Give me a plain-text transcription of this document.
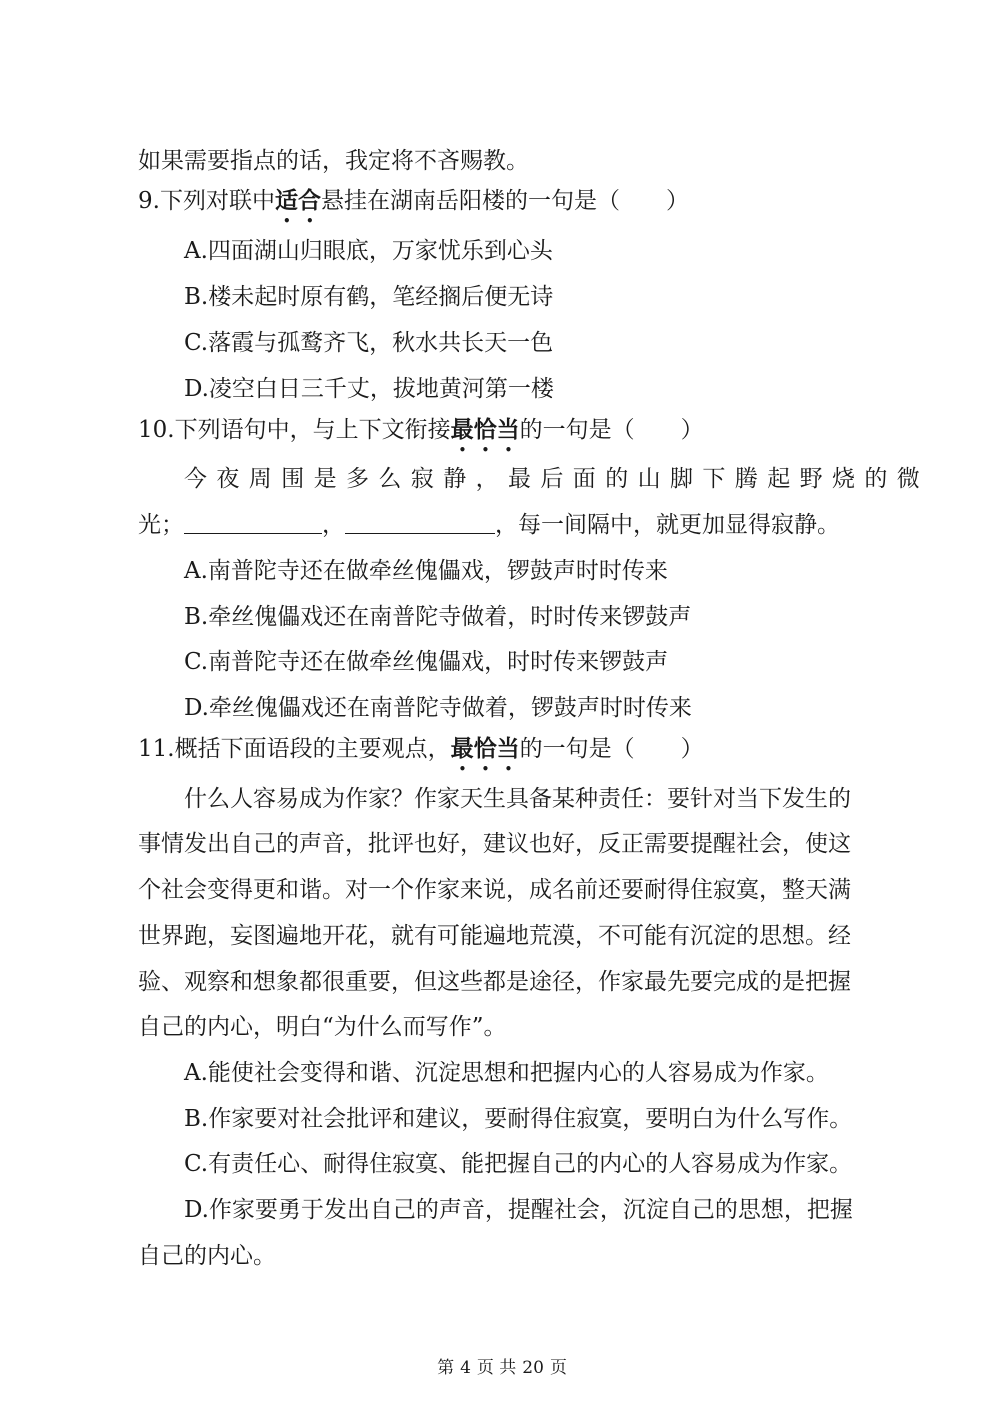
如果需要指点的话，我定将不吝赐教。
9.下列对联中适合悬挂在湖南岳阳楼的一句是（　　）
A.四面湖山归眼底，万家忧乐到心头
B.楼未起时原有鹤，笔经搁后便无诗
C.落霞与孤鹜齐飞，秋水共长天一色
D.凌空白日三千丈，拔地黄河第一楼
10.下列语句中，与上下文衔接最恰当的一句是（　　）
今夜周围是多么寂静，最后面的山脚下腾起野烧的微
光；	，	，每一间隔中，就更加显得寂静。
A.南普陀寺还在做牵丝傀儡戏，锣鼓声时时传来
B.牵丝傀儡戏还在南普陀寺做着，时时传来锣鼓声
C.南普陀寺还在做牵丝傀儡戏，时时传来锣鼓声
D.牵丝傀儡戏还在南普陀寺做着，锣鼓声时时传来
11.概括下面语段的主要观点，最恰当的一句是（　　）
什么人容易成为作家？作家天生具备某种责任：要针对当下发生的
事情发出自己的声音，批评也好，建议也好，反正需要提醒社会，使这
个社会变得更和谐。对一个作家来说，成名前还要耐得住寂寞，整天满
世界跑，妄图遍地开花，就有可能遍地荒漠，不可能有沉淀的思想。经
验、观察和想象都很重要，但这些都是途径，作家最先要完成的是把握
自己的内心，明白“为什么而写作”。
A.能使社会变得和谐、沉淀思想和把握内心的人容易成为作家。
B.作家要对社会批评和建议，要耐得住寂寞，要明白为什么写作。
C.有责任心、耐得住寂寞、能把握自己的内心的人容易成为作家。
D.作家要勇于发出自己的声音，提醒社会，沉淀自己的思想，把握
自己的内心。
第 4 页 共 20 页
